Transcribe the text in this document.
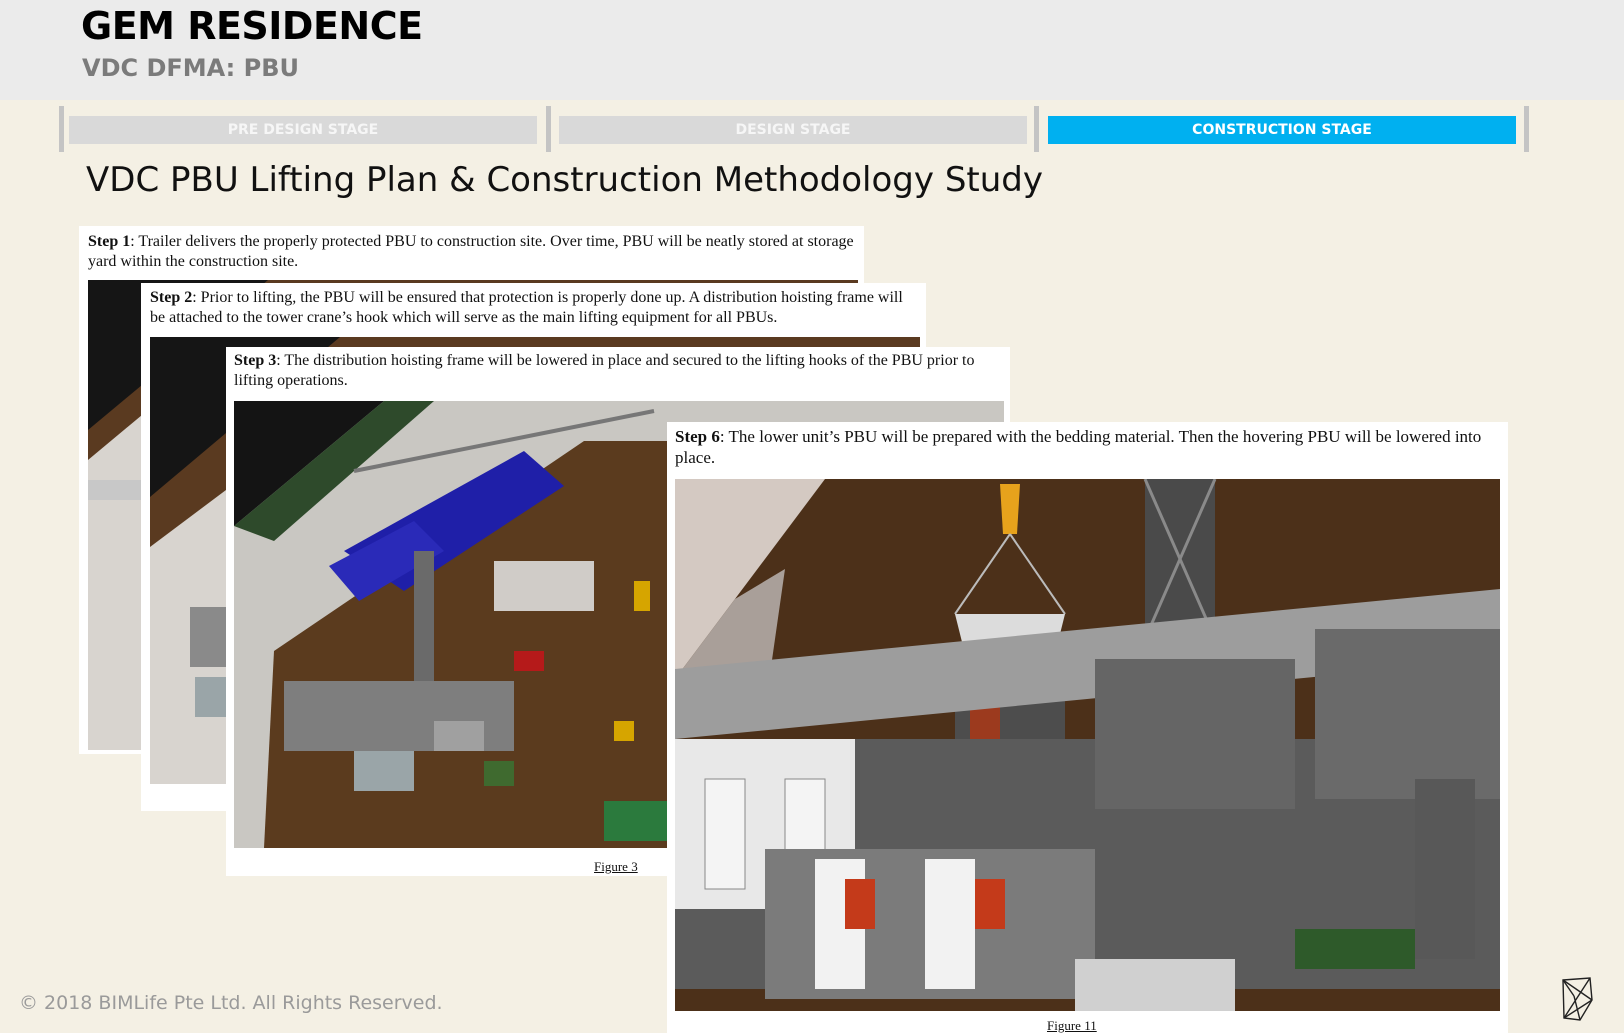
GEM RESIDENCE
VDC DFMA: PBU
PRE DESIGN STAGE	DESIGN STAGE	CONSTRUCTION STAGE
VDC PBU Lifting Plan & Construction Methodology Study
Step 1: Trailer delivers the properly protected PBU to construction site. Over time, PBU will be neatly stored at storage yard within the construction site.
Step 2: Prior to lifting, the PBU will be ensured that protection is properly done up. A distribution hoisting frame will be attached to the tower crane’s hook which will serve as the main lifting equipment for all PBUs.
Step 3: The distribution hoisting frame will be lowered in place and secured to the lifting hooks of the PBU prior to lifting operations.
Figure 3
Step 6: The lower unit’s PBU will be prepared with the bedding material. Then the hovering PBU will be lowered into place.
Figure 11
© 2018 BIMLife Pte Ltd. All Rights Reserved.
